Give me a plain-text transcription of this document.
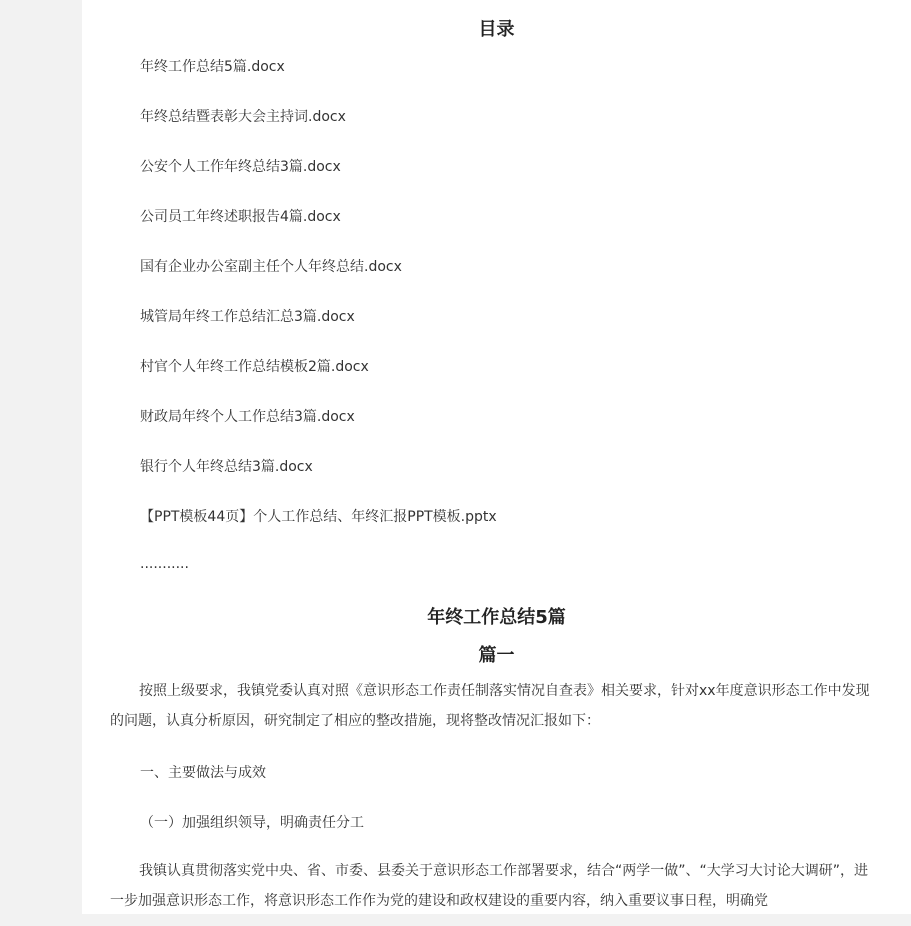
目录

年终工作总结5篇.docx

年终总结暨表彰大会主持词.docx

公安个人工作年终总结3篇.docx

公司员工年终述职报告4篇.docx

国有企业办公室副主任个人年终总结.docx

城管局年终工作总结汇总3篇.docx

村官个人年终工作总结模板2篇.docx

财政局年终个人工作总结3篇.docx

银行个人年终总结3篇.docx

【PPT模板44页】个人工作总结、年终汇报PPT模板.pptx

...........

年终工作总结5篇
篇一

按照上级要求，我镇党委认真对照《意识形态工作责任制落实情况自查表》相关要求，针对xx年度意识形态工作中发现的问题，认真分析原因，研究制定了相应的整改措施，现将整改情况汇报如下：

一、主要做法与成效

（一）加强组织领导，明确责任分工

我镇认真贯彻落实党中央、省、市委、县委关于意识形态工作部署要求，结合“两学一做”、“大学习大讨论大调研”，进一步加强意识形态工作，将意识形态工作作为党的建设和政权建设的重要内容，纳入重要议事日程，明确党
